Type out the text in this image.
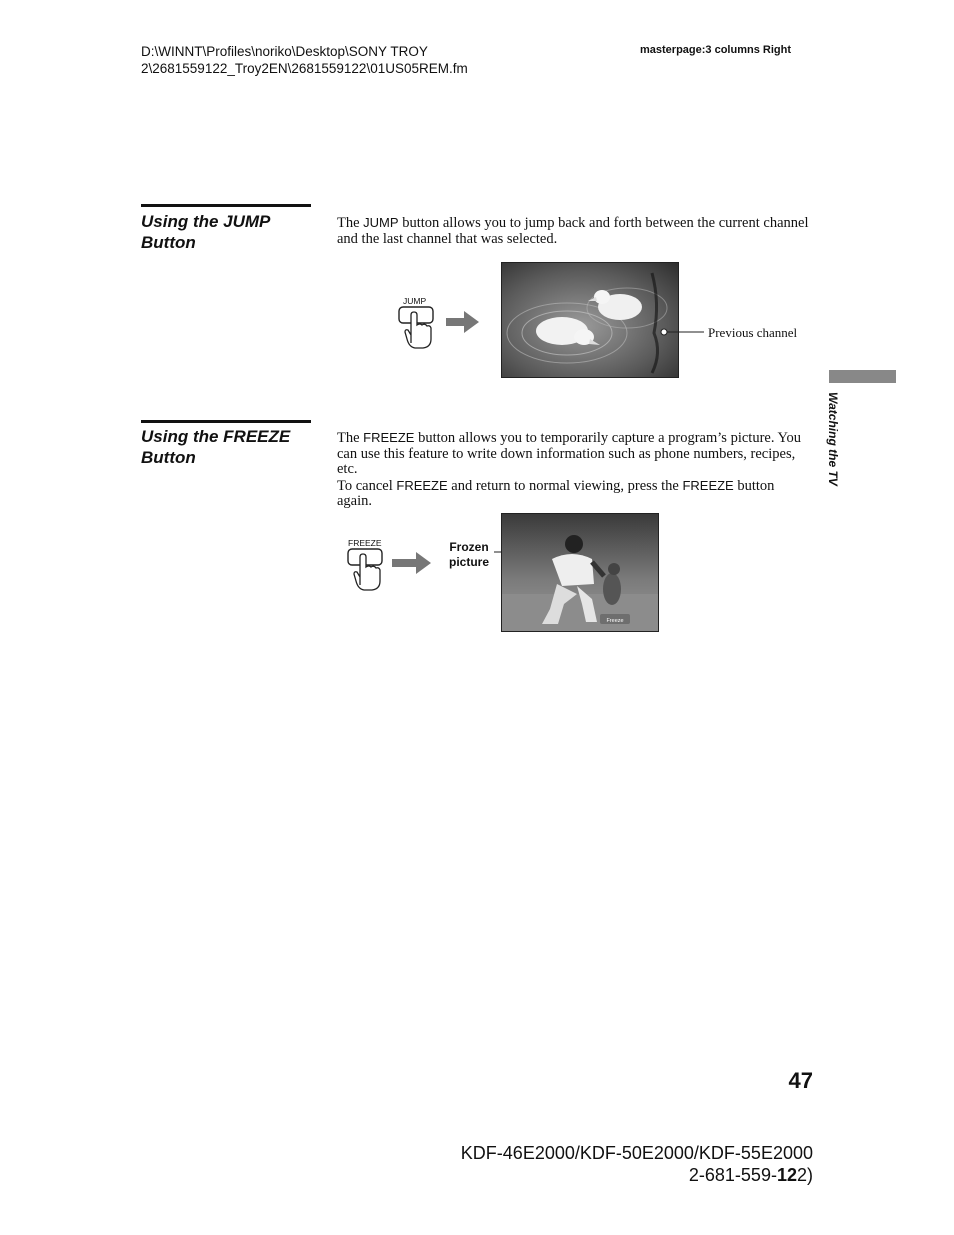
D:\WINNT\Profiles\noriko\Desktop\SONY TROY
2\2681559122_Troy2EN\2681559122\01US05REM.fm
masterpage:3 columns Right
Using the JUMP
Button
The JUMP button allows you to jump back and forth between the current channel and the last channel that was selected.
JUMP
Previous channel
Using the FREEZE
Button
The FREEZE button allows you to temporarily capture a program’s picture. You can use this feature to write down information such as phone numbers, recipes, etc.
To cancel FREEZE and return to normal viewing, press the FREEZE button again.
FREEZE	Frozen
picture
Freeze
Watching the TV
47
KDF-46E2000/KDF-50E2000/KDF-55E2000
2-681-559-122)
